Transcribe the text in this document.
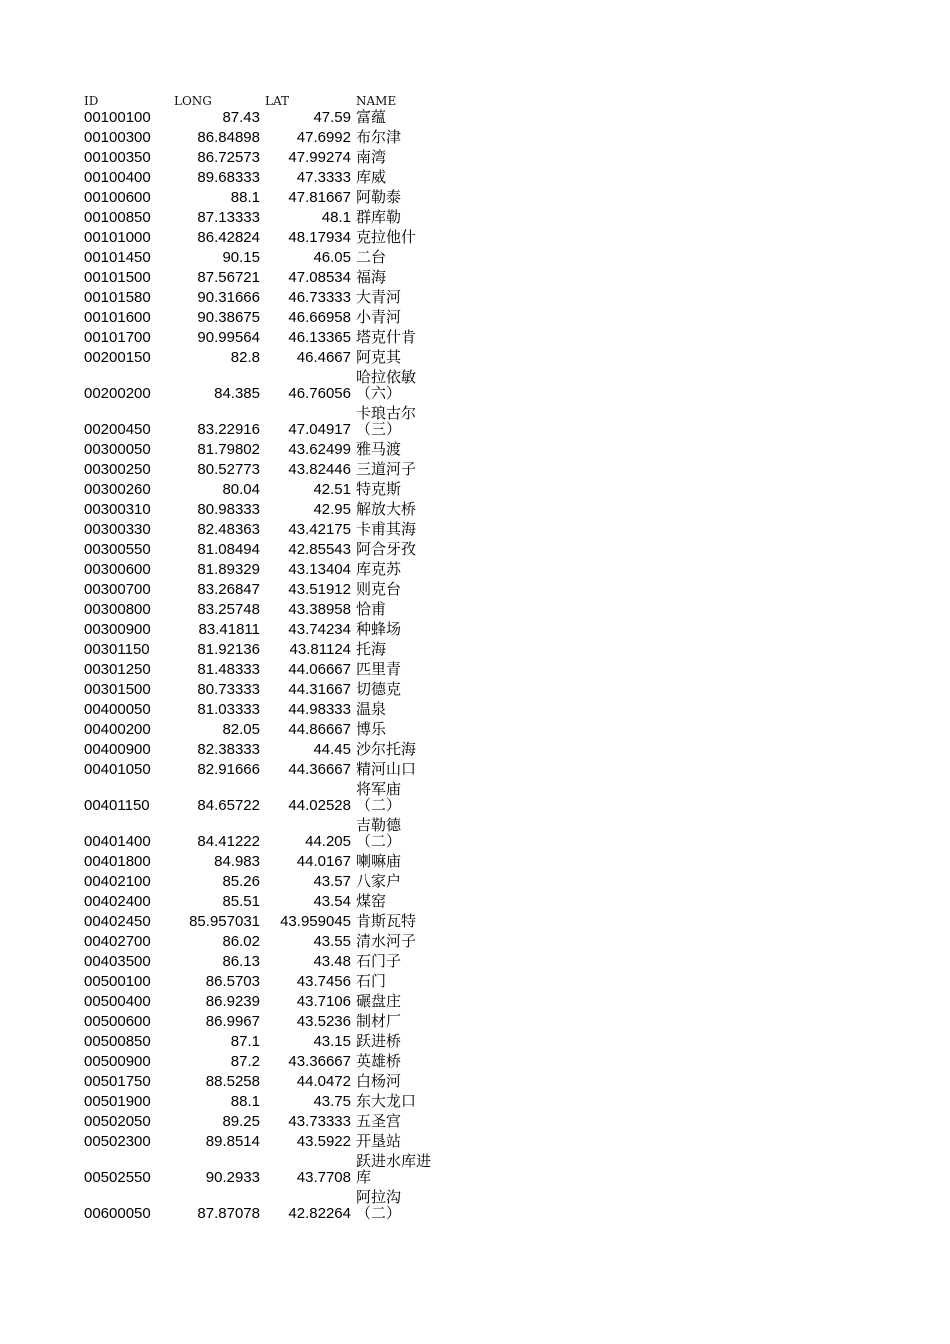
ID	LONG	LAT	NAME
00100100	87.43	47.59 富蕴
00100300	86.84898	47.6992 布尔津
00100350	86.72573	47.99274 南湾
00100400	89.68333	47.3333 库威
00100600	88.1	47.81667 阿勒泰
00100850	87.13333	48.1 群库勒
00101000	86.42824	48.17934 克拉他什
00101450	90.15	46.05 二台
00101500	87.56721	47.08534 福海
00101580	90.31666	46.73333 大青河
00101600	90.38675	46.66958 小青河
00101700	90.99564	46.13365 塔克什肯
00200150	82.8	46.4667 阿克其
00200200	84.385	46.76056
哈拉依敏
（六）
00200450	83.22916	47.04917
卡琅古尔
（三）
00300050	81.79802	43.62499 雅马渡
00300250	80.52773	43.82446 三道河子
00300260	80.04	42.51 特克斯
00300310	80.98333	42.95 解放大桥
00300330	82.48363	43.42175 卡甫其海
00300550	81.08494	42.85543 阿合牙孜
00300600	81.89329	43.13404 库克苏
00300700	83.26847	43.51912 则克台
00300800	83.25748	43.38958 恰甫
00300900	83.41811	43.74234 种蜂场
00301150	81.92136	43.81124 托海
00301250	81.48333	44.06667 匹里青
00301500	80.73333	44.31667 切德克
00400050	81.03333	44.98333 温泉
00400200	82.05	44.86667 博乐
00400900	82.38333	44.45 沙尔托海
00401050	82.91666	44.36667 精河山口
00401150	84.65722	44.02528
将军庙
（二）
00401400	84.41222	44.205
吉勒德
（二）
00401800	84.983	44.0167 喇嘛庙
00402100	85.26	43.57 八家户
00402400	85.51	43.54 煤窑
00402450	85.957031	43.959045 肯斯瓦特
00402700	86.02	43.55 清水河子
00403500	86.13	43.48 石门子
00500100	86.5703	43.7456 石门
00500400	86.9239	43.7106 碾盘庄
00500600	86.9967	43.5236 制材厂
00500850	87.1	43.15 跃进桥
00500900	87.2	43.36667 英雄桥
00501750	88.5258	44.0472 白杨河
00501900	88.1	43.75 东大龙口
00502050	89.25	43.73333 五圣宫
00502300	89.8514	43.5922 开垦站
00502550	90.2933	43.7708
跃进水库进
库
00600050	87.87078	42.82264
阿拉沟
（二）
